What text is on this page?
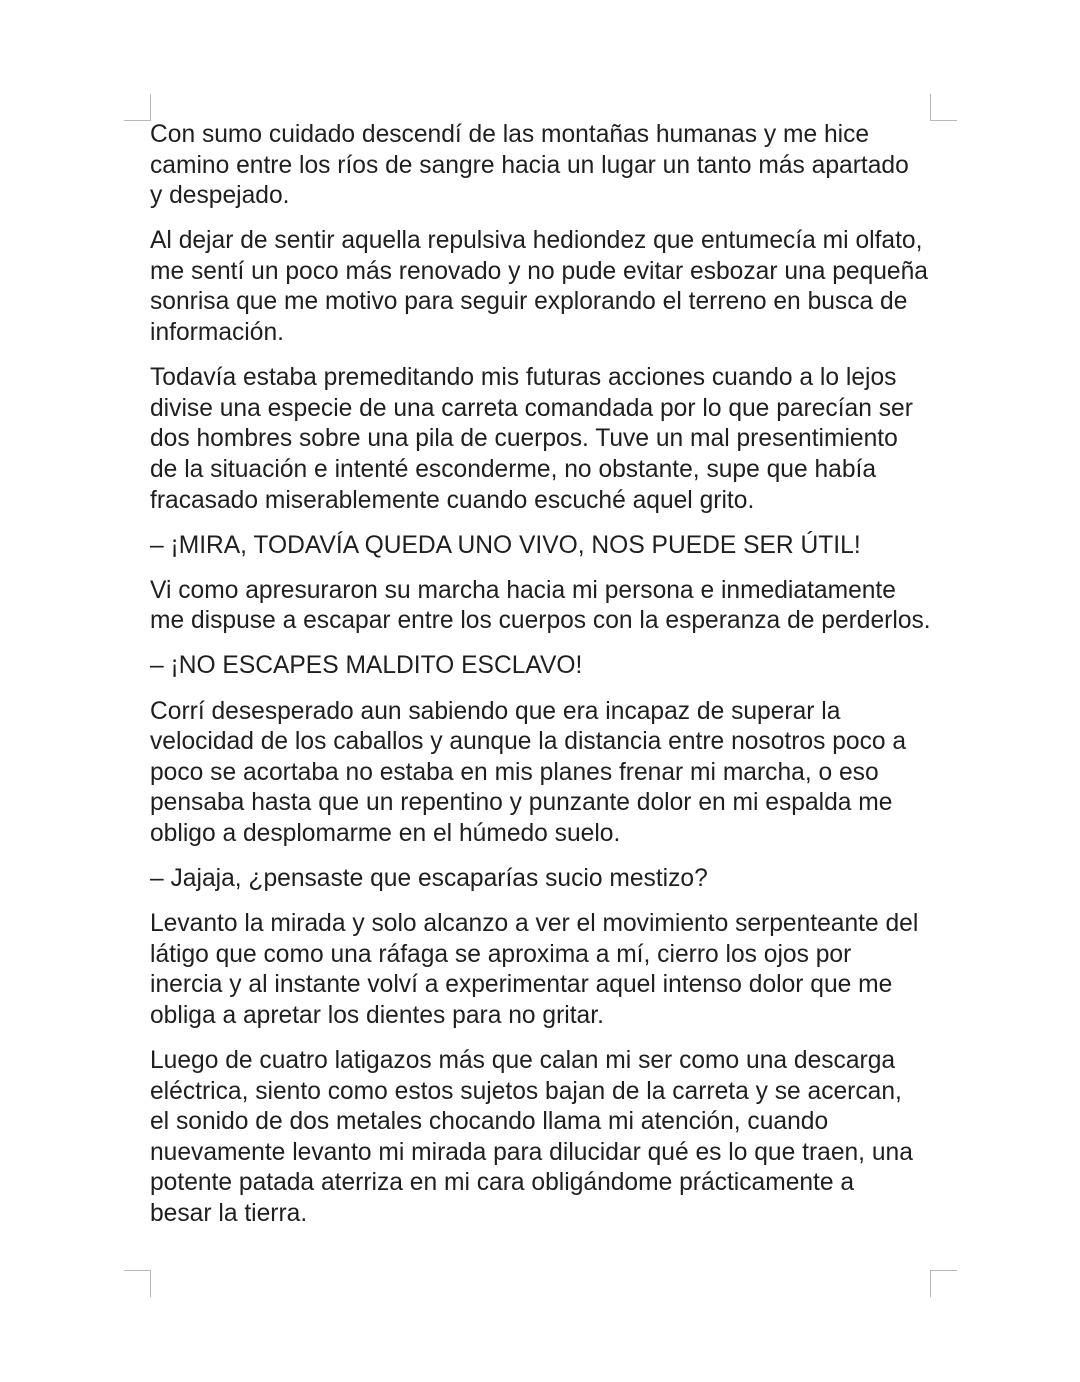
Con sumo cuidado descendí de las montañas humanas y me hice
camino entre los ríos de sangre hacia un lugar un tanto más apartado
y despejado.

Al dejar de sentir aquella repulsiva hediondez que entumecía mi olfato,
me sentí un poco más renovado y no pude evitar esbozar una pequeña
sonrisa que me motivo para seguir explorando el terreno en busca de
información.

Todavía estaba premeditando mis futuras acciones cuando a lo lejos
divise una especie de una carreta comandada por lo que parecían ser
dos hombres sobre una pila de cuerpos. Tuve un mal presentimiento
de la situación e intenté esconderme, no obstante, supe que había
fracasado miserablemente cuando escuché aquel grito.

– ¡MIRA, TODAVÍA QUEDA UNO VIVO, NOS PUEDE SER ÚTIL!

Vi como apresuraron su marcha hacia mi persona e inmediatamente
me dispuse a escapar entre los cuerpos con la esperanza de perderlos.

– ¡NO ESCAPES MALDITO ESCLAVO!

Corrí desesperado aun sabiendo que era incapaz de superar la
velocidad de los caballos y aunque la distancia entre nosotros poco a
poco se acortaba no estaba en mis planes frenar mi marcha, o eso
pensaba hasta que un repentino y punzante dolor en mi espalda me
obligo a desplomarme en el húmedo suelo.

– Jajaja, ¿pensaste que escaparías sucio mestizo?

Levanto la mirada y solo alcanzo a ver el movimiento serpenteante del
látigo que como una ráfaga se aproxima a mí, cierro los ojos por
inercia y al instante volví a experimentar aquel intenso dolor que me
obliga a apretar los dientes para no gritar.

Luego de cuatro latigazos más que calan mi ser como una descarga
eléctrica, siento como estos sujetos bajan de la carreta y se acercan,
el sonido de dos metales chocando llama mi atención, cuando
nuevamente levanto mi mirada para dilucidar qué es lo que traen, una
potente patada aterriza en mi cara obligándome prácticamente a
besar la tierra.
